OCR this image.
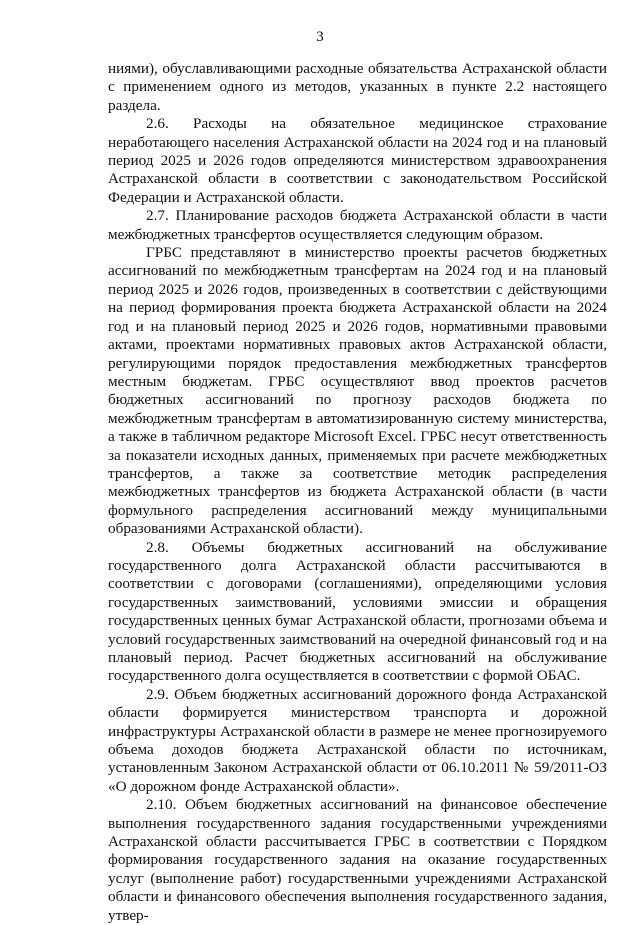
3

ниями), обуславливающими расходные обязательства Астраханской области с применением одного из методов, указанных в пункте 2.2 настоящего раздела.

2.6. Расходы на обязательное медицинское страхование неработающего населения Астраханской области на 2024 год и на плановый период 2025 и 2026 годов определяются министерством здравоохранения Астраханской области в соответствии с законодательством Российской Федерации и Астраханской области.

2.7. Планирование расходов бюджета Астраханской области в части межбюджетных трансфертов осуществляется следующим образом.

ГРБС представляют в министерство проекты расчетов бюджетных ассигнований по межбюджетным трансфертам на 2024 год и на плановый период 2025 и 2026 годов, произведенных в соответствии с действующими на период формирования проекта бюджета Астраханской области на 2024 год и на плановый период 2025 и 2026 годов, нормативными правовыми актами, проектами нормативных правовых актов Астраханской области, регулирующими порядок предоставления межбюджетных трансфертов местным бюджетам. ГРБС осуществляют ввод проектов расчетов бюджетных ассигнований по прогнозу расходов бюджета по межбюджетным трансфертам в автоматизированную систему министерства, а также в табличном редакторе Microsoft Excel. ГРБС несут ответственность за показатели исходных данных, применяемых при расчете межбюджетных трансфертов, а также за соответствие методик распределения межбюджетных трансфертов из бюджета Астраханской области (в части формульного распределения ассигнований между муниципальными образованиями Астраханской области).

2.8. Объемы бюджетных ассигнований на обслуживание государственного долга Астраханской области рассчитываются в соответствии с договорами (соглашениями), определяющими условия государственных заимствований, условиями эмиссии и обращения государственных ценных бумаг Астраханской области, прогнозами объема и условий государственных заимствований на очередной финансовый год и на плановый период. Расчет бюджетных ассигнований на обслуживание государственного долга осуществляется в соответствии с формой ОБАС.

2.9. Объем бюджетных ассигнований дорожного фонда Астраханской области формируется министерством транспорта и дорожной инфраструктуры Астраханской области в размере не менее прогнозируемого объема доходов бюджета Астраханской области по источникам, установленным Законом Астраханской области от 06.10.2011 № 59/2011-ОЗ «О дорожном фонде Астраханской области».

2.10. Объем бюджетных ассигнований на финансовое обеспечение выполнения государственного задания государственными учреждениями Астраханской области рассчитывается ГРБС в соответствии с Порядком формирования государственного задания на оказание государственных услуг (выполнение работ) государственными учреждениями Астраханской области и финансового обеспечения выполнения государственного задания, утвер-
